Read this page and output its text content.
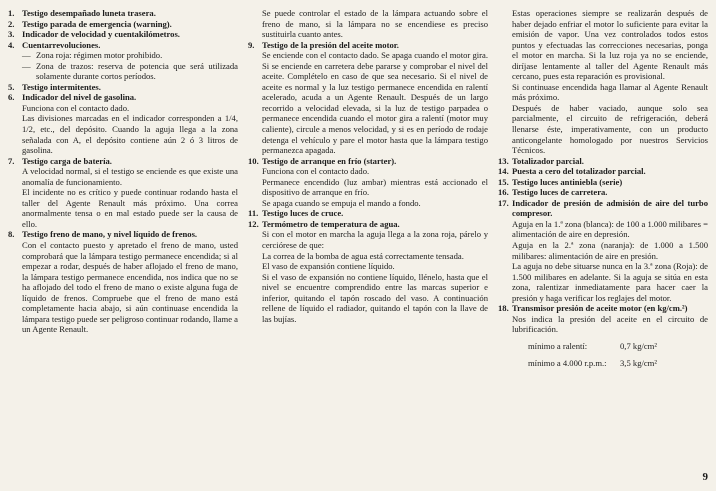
1. Testigo desempañado luneta trasera.
2. Testigo parada de emergencia (warning).
3. Indicador de velocidad y cuentakilómetros.
4. Cuentarrevoluciones.
— Zona roja: régimen motor prohibido.
— Zona de trazos: reserva de potencia que será utilizada solamente durante cortos períodos.
5. Testigo intermitentes.
6. Indicador del nivel de gasolina.

Funciona con el contacto dado.

Las divisiones marcadas en el indicador corresponden a 1/4, 1/2, etc., del depósito. Cuando la aguja llega a la zona señalada con A, el depósito contiene aún 2 ó 3 litros de gasolina.

7. Testigo carga de batería.

A velocidad normal, si el testigo se enciende es que existe una anomalía de funcionamiento.

El incidente no es crítico y puede continuar rodando hasta el taller del Agente Renault más próximo. Una correa anormalmente tensa o en mal estado puede ser la causa de ello.

8. Testigo freno de mano, y nivel líquido de frenos.

Con el contacto puesto y apretado el freno de mano, usted comprobará que la lámpara testigo permanece encendida; si al empezar a rodar, después de haber aflojado el freno de mano, la lámpara testigo permanece encendida, nos indica que no se ha aflojado del todo el freno de mano o existe alguna fuga de líquido de frenos. Compruebe que el freno de mano está completamente hacia abajo, si aún continuase encendida la lámpara testigo puede ser peligroso continuar rodando, llame a un Agente Renault.

Se puede controlar el estado de la lámpara actuando sobre el freno de mano, si la lámpara no se encendiese es preciso sustituirla cuanto antes.

9. Testigo de la presión del aceite motor.

Se enciende con el contacto dado. Se apaga cuando el motor gira. Si se enciende en carretera debe pararse y comprobar el nivel del aceite. Complételo en caso de que sea necesario. Si el nivel de aceite es normal y la luz testigo permanece encendida en ralentí acelerado, acuda a un Agente Renault. Después de un largo recorrido a velocidad elevada, si la luz de testigo parpadea o permanece encendida cuando el motor gira a ralentí (motor muy caliente), circule a menos velocidad, y si es en período de rodaje detenga el vehículo y pare el motor hasta que la lámpara testigo permanezca apagada.

10. Testigo de arranque en frío (starter).

Funciona con el contacto dado.

Permanece encendido (luz ambar) mientras está accionado el dispositivo de arranque en frío.

Se apaga cuando se empuja el mando a fondo.

11. Testigo luces de cruce.
12. Termómetro de temperatura de agua.

Si con el motor en marcha la aguja llega a la zona roja, párelo y cerciórese de que:

La correa de la bomba de agua está correctamente tensada.

El vaso de expansión contiene líquido.

Si el vaso de expansión no contiene líquido, llénelo, hasta que el nivel se encuentre comprendido entre las marcas superior e inferior, quitando el tapón roscado del vaso. A continuación rellene de líquido el radiador, quitando el tapón con la llave de las bujías.

Estas operaciones siempre se realizarán después de haber dejado enfriar el motor lo suficiente para evitar la emisión de vapor. Una vez controlados todos estos puntos y efectuadas las correcciones necesarias, ponga el motor en marcha. Si la luz roja ya no se enciende, diríjase lentamente al taller del Agente Renault más cercano, pues esta reparación es provisional.

Si continuase encendida haga llamar al Agente Renault más próximo.

Después de haber vaciado, aunque solo sea parcialmente, el circuito de refrigeración, deberá llenarse éste, imperativamente, con un producto anticongelante homologado por nuestros Servicios Técnicos.

13. Totalizador parcial.
14. Puesta a cero del totalizador parcial.
15. Testigo luces antiniebla (serie)
16. Testigo luces de carretera.
17. Indicador de presión de admisión de aire del turbo compresor.

Aguja en la 1.ª zona (blanca): de 100 a 1.000 milibares = alimentación de aire en depresión.

Aguja en la 2.ª zona (naranja): de 1.000 a 1.500 milibares: alimentación de aire en presión.

La aguja no debe situarse nunca en la 3.ª zona (Roja): de 1.500 milibares en adelante. Si la aguja se sitúa en esta zona, ralentizar inmediatamente para hacer caer la presión y haga verificar los reglajes del motor.

18. Transmisor presión de aceite motor (en kg/cm.²)

Nos indica la presión del aceite en el circuito de lubrificación.

mínimo a ralentí:	0,7 kg/cm²
mínimo a 4.000 r.p.m.:	3,5 kg/cm²
9
